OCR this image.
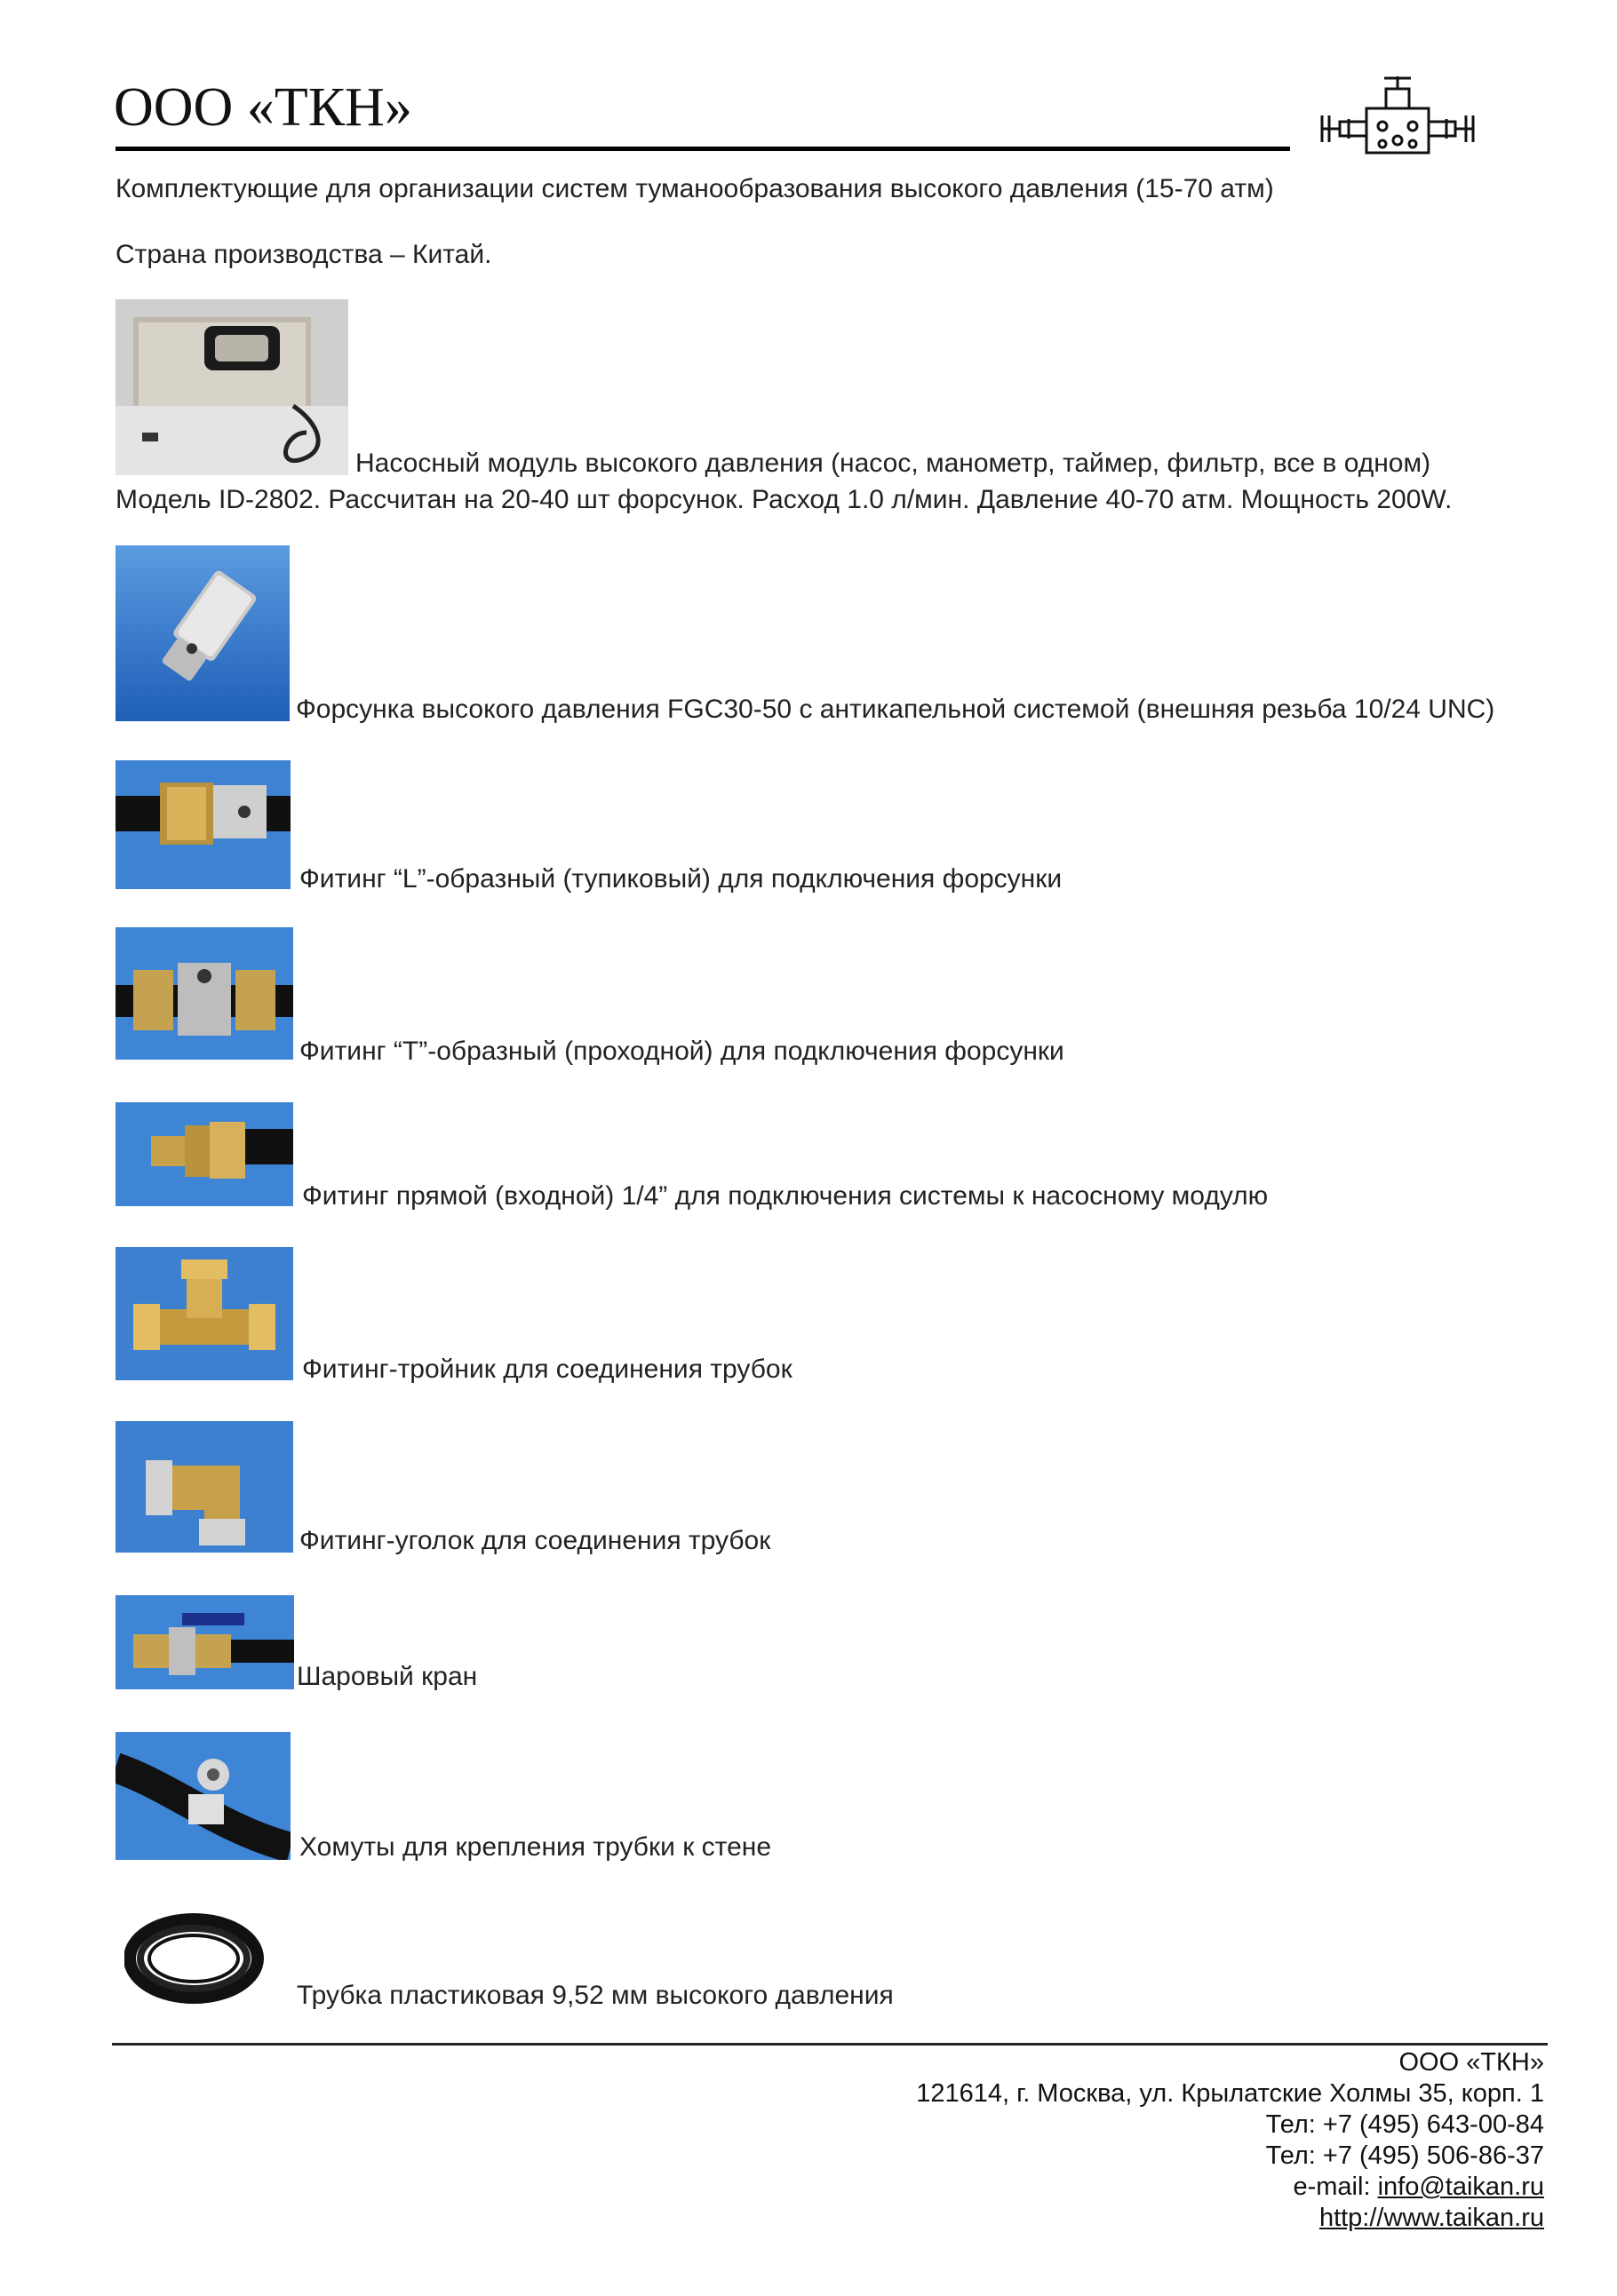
ООО «ТКН»
Комплектующие для организации систем туманообразования высокого давления (15-70 атм)
Страна производства – Китай.
Насосный модуль высокого давления (насос, манометр, таймер, фильтр, все в одном)
Модель ID-2802. Рассчитан на 20-40 шт форсунок. Расход 1.0 л/мин. Давление 40-70 атм. Мощность 200W.
Форсунка высокого давления FGC30-50 с антикапельной системой (внешняя резьба 10/24 UNC)
Фитинг “L”-образный (тупиковый) для подключения форсунки
Фитинг “Т”-образный (проходной) для подключения форсунки
Фитинг прямой (входной) 1/4” для подключения системы к насосному модулю
Фитинг-тройник для соединения трубок
Фитинг-уголок для соединения трубок
Шаровый кран
Хомуты для крепления трубки к стене
Трубка пластиковая 9,52 мм высокого давления
ООО «ТКН»
121614, г. Москва, ул. Крылатские Холмы 35, корп. 1
Тел: +7 (495) 643-00-84
Тел: +7 (495) 506-86-37
e-mail: info@taikan.ru
http://www.taikan.ru
